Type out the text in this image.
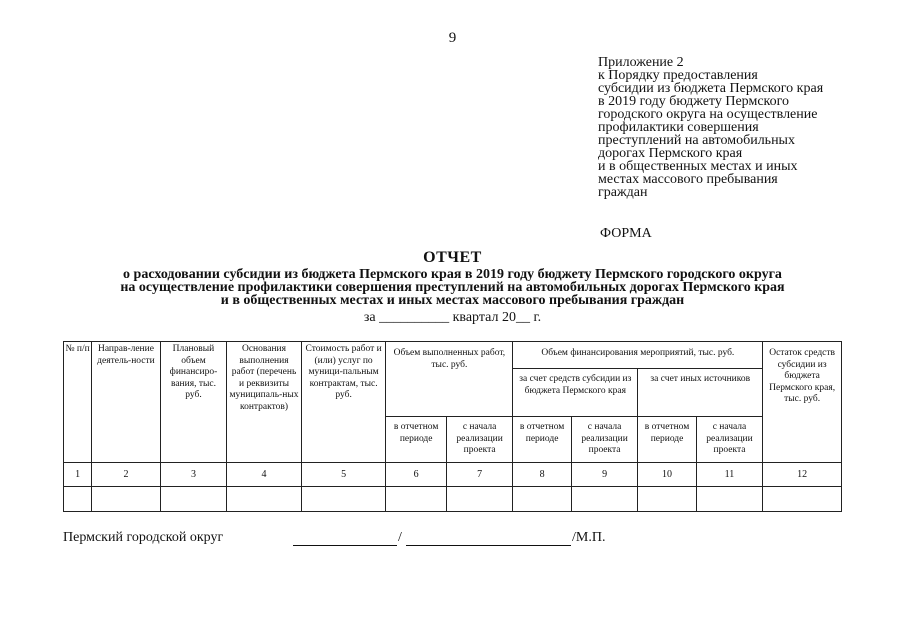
9
Приложение 2
к Порядку предоставления
субсидии из бюджета Пермского края
в 2019 году бюджету Пермского
городского округа на осуществление
профилактики совершения
преступлений на автомобильных
дорогах Пермского края
и в общественных местах и иных
местах массового пребывания
граждан
ФОРМА
ОТЧЕТ
о расходовании субсидии из бюджета Пермского края в 2019 году бюджету Пермского городского округа
на осуществление профилактики совершения преступлений на автомобильных дорогах Пермского края
и в общественных местах и иных местах массового пребывания граждан
за __________ квартал 20__ г.
№ п/п	Направ-ление деятель-ности	Плановый объем финансиро-вания, тыс. руб.	Основания выполнения работ (перечень и реквизиты муниципаль-ных контрактов)	Стоимость работ и (или) услуг по муници-пальным контрактам, тыс. руб.	Объем выполненных работ, тыс. руб.		Объем финансирования мероприятий, тыс. руб.				Остаток средств субсидии из бюджета Пермского края, тыс. руб.
							за счет средств субсидии из бюджета Пермского края		за счет иных источников		
					в отчетном периоде	с начала реализации проекта	в отчетном периоде	с начала реализации проекта	в отчетном периоде	с начала реализации проекта	
1	2	3	4	5	6	7	8	9	10	11	12

Пермский городской округ	/	/М.П.
